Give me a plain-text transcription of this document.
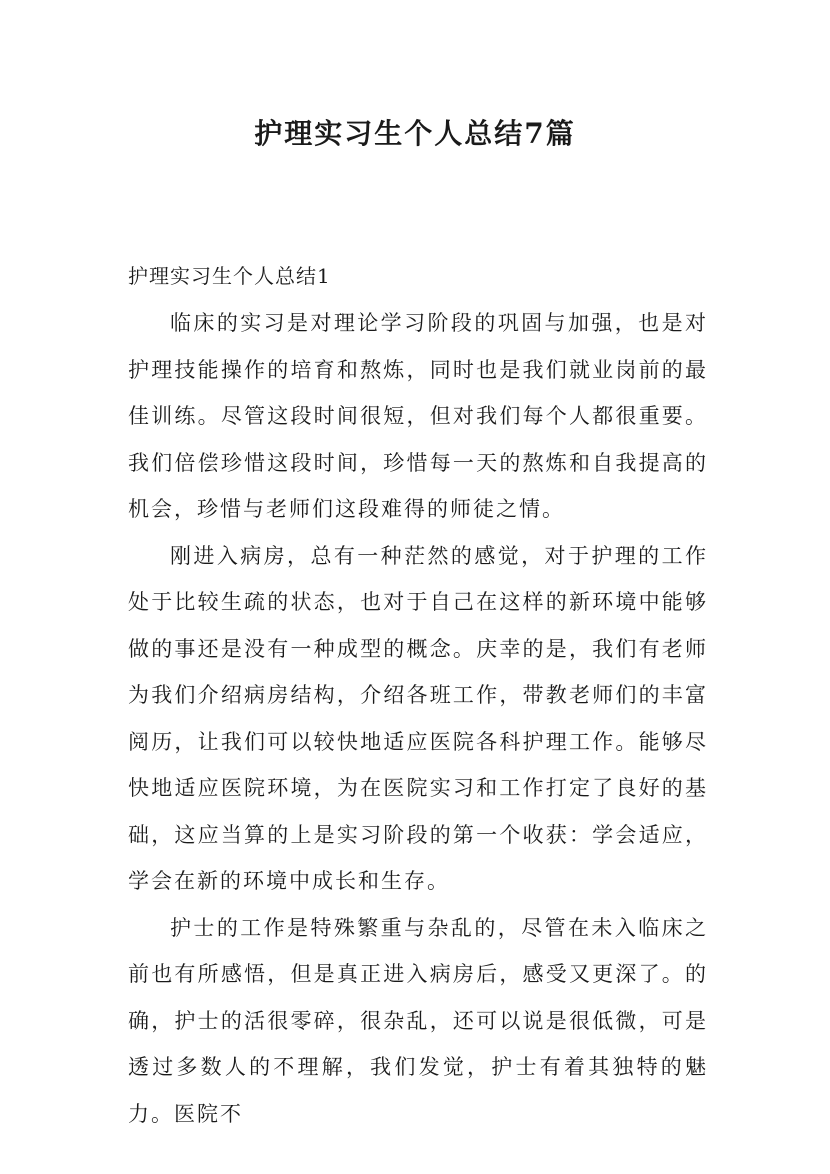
护理实习生个人总结7篇
护理实习生个人总结1

临床的实习是对理论学习阶段的巩固与加强，也是对护理技能操作的培育和熬炼，同时也是我们就业岗前的最佳训练。尽管这段时间很短，但对我们每个人都很重要。我们倍偿珍惜这段时间，珍惜每一天的熬炼和自我提高的机会，珍惜与老师们这段难得的师徒之情。

刚进入病房，总有一种茫然的感觉，对于护理的工作处于比较生疏的状态，也对于自己在这样的新环境中能够做的事还是没有一种成型的概念。庆幸的是，我们有老师为我们介绍病房结构，介绍各班工作，带教老师们的丰富阅历，让我们可以较快地适应医院各科护理工作。能够尽快地适应医院环境，为在医院实习和工作打定了良好的基础，这应当算的上是实习阶段的第一个收获：学会适应，学会在新的环境中成长和生存。

护士的工作是特殊繁重与杂乱的，尽管在未入临床之前也有所感悟，但是真正进入病房后，感受又更深了。的确，护士的活很零碎，很杂乱，还可以说是很低微，可是透过多数人的不理解，我们发觉，护士有着其独特的魅力。医院不
